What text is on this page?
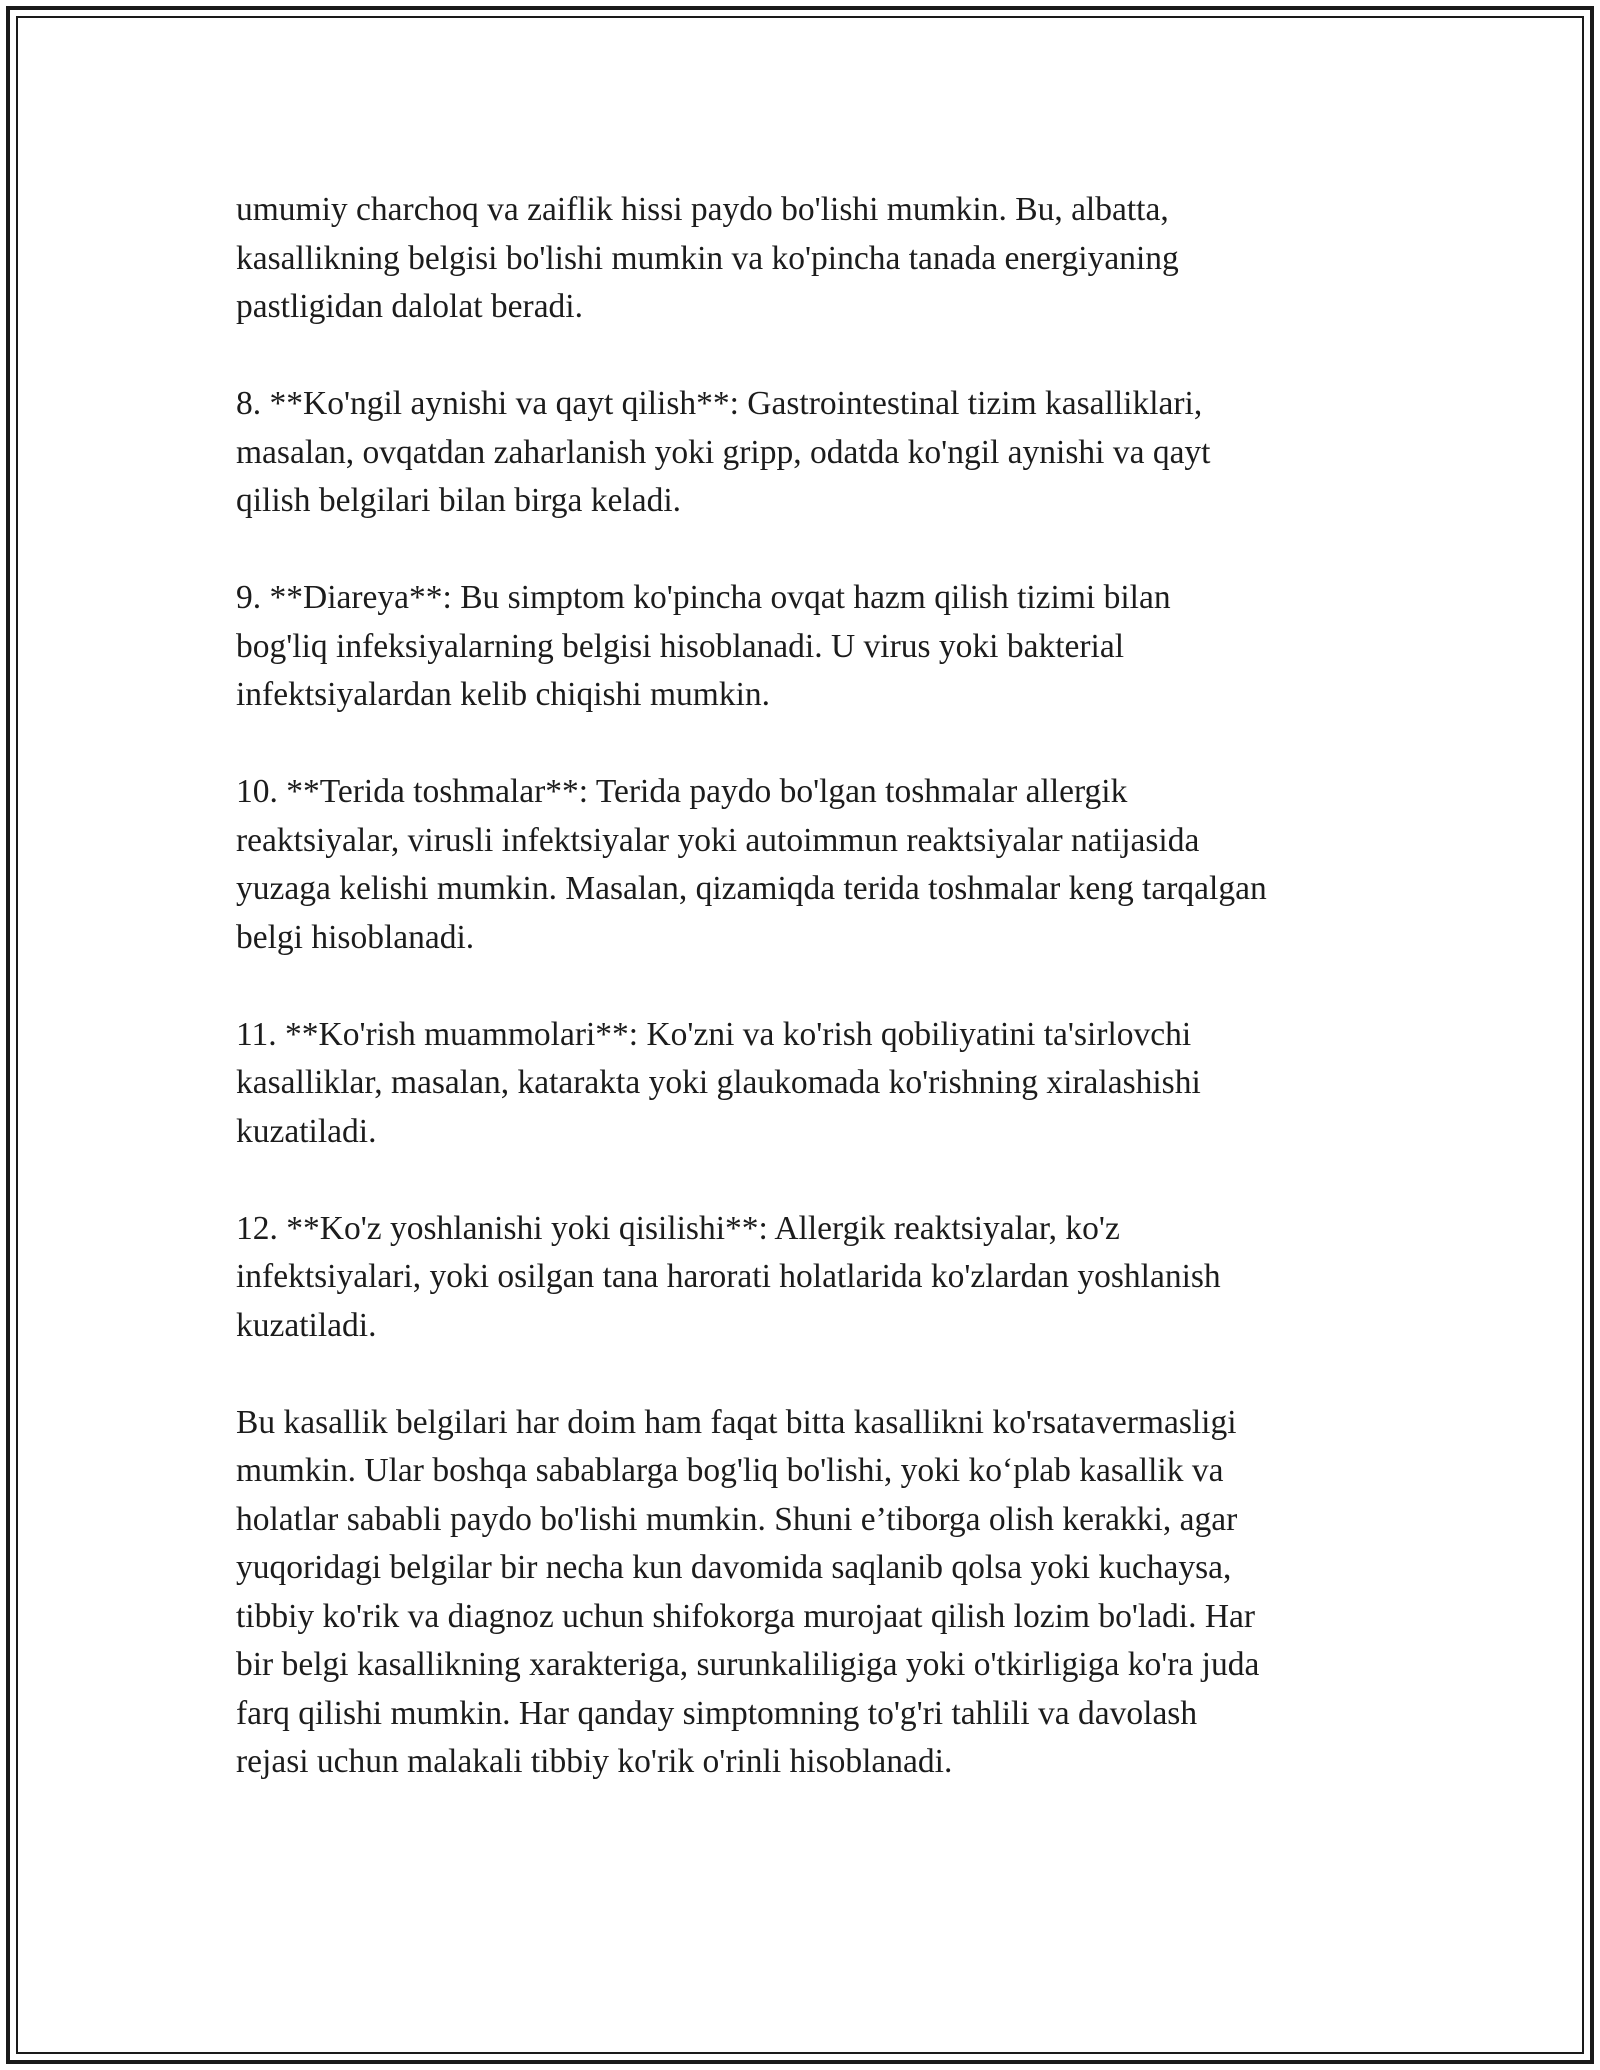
umumiy charchoq va zaiflik hissi paydo bo'lishi mumkin. Bu, albatta,
kasallikning belgisi bo'lishi mumkin va ko'pincha tanada energiyaning
pastligidan dalolat beradi.

8. **Ko'ngil aynishi va qayt qilish**: Gastrointestinal tizim kasalliklari,
masalan, ovqatdan zaharlanish yoki gripp, odatda ko'ngil aynishi va qayt
qilish belgilari bilan birga keladi.

9. **Diareya**: Bu simptom ko'pincha ovqat hazm qilish tizimi bilan
bog'liq infeksiyalarning belgisi hisoblanadi. U virus yoki bakterial
infektsiyalardan kelib chiqishi mumkin.

10. **Terida toshmalar**: Terida paydo bo'lgan toshmalar allergik
reaktsiyalar, virusli infektsiyalar yoki autoimmun reaktsiyalar natijasida
yuzaga kelishi mumkin. Masalan, qizamiqda terida toshmalar keng tarqalgan
belgi hisoblanadi.

11. **Ko'rish muammolari**: Ko'zni va ko'rish qobiliyatini ta'sirlovchi
kasalliklar, masalan, katarakta yoki glaukomada ko'rishning xiralashishi
kuzatiladi.

12. **Ko'z yoshlanishi yoki qisilishi**: Allergik reaktsiyalar, ko'z
infektsiyalari, yoki osilgan tana harorati holatlarida ko'zlardan yoshlanish
kuzatiladi.

Bu kasallik belgilari har doim ham faqat bitta kasallikni ko'rsatavermasligi
mumkin. Ular boshqa sabablarga bog'liq bo'lishi, yoki ko‘plab kasallik va
holatlar sababli paydo bo'lishi mumkin. Shuni e’tiborga olish kerakki, agar
yuqoridagi belgilar bir necha kun davomida saqlanib qolsa yoki kuchaysa,
tibbiy ko'rik va diagnoz uchun shifokorga murojaat qilish lozim bo'ladi. Har
bir belgi kasallikning xarakteriga, surunkaliligiga yoki o'tkirligiga ko'ra juda
farq qilishi mumkin. Har qanday simptomning to'g'ri tahlili va davolash
rejasi uchun malakali tibbiy ko'rik o'rinli hisoblanadi.
